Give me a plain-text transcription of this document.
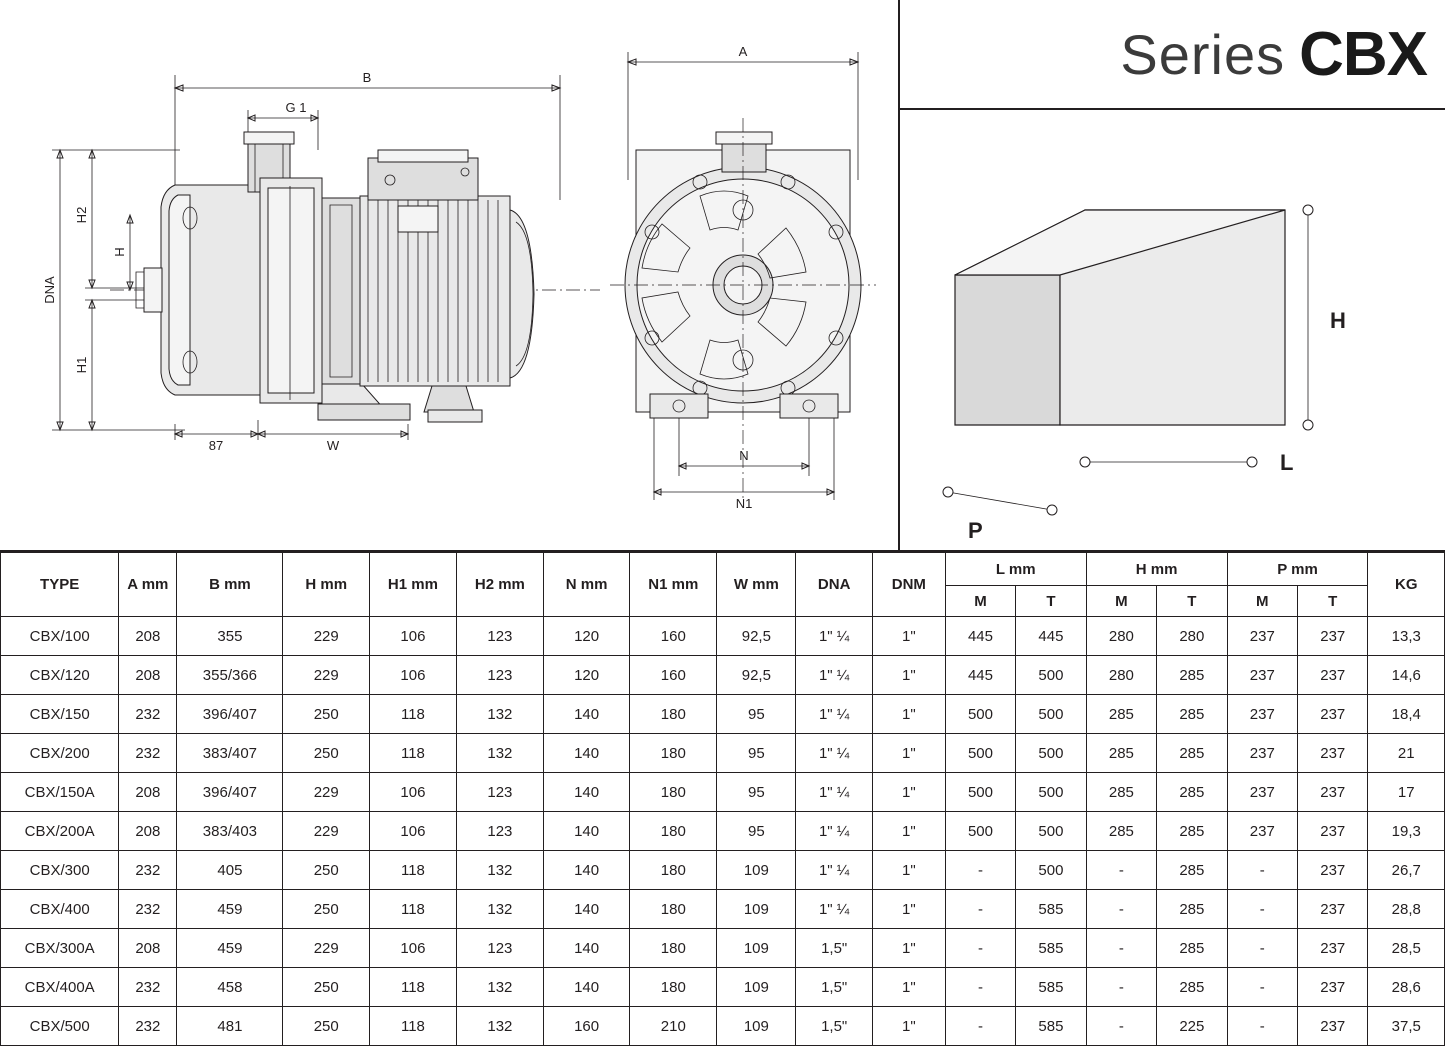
B
G 1
DNA
H2
H1
H
87	W
A
N
N1
Series CBX
H
L
P
TYPE	A mm	B mm	H mm	H1 mm	H2 mm	N mm	N1 mm	W mm	DNA	DNM	L mm		H mm		P mm		KG
											M	T	M	T	M	T	
CBX/100	208	355	229	106	123	120	160	92,5	1" ¼	1"	445	445	280	280	237	237	13,3
CBX/120	208	355/366	229	106	123	120	160	92,5	1" ¼	1"	445	500	280	285	237	237	14,6
CBX/150	232	396/407	250	118	132	140	180	95	1" ¼	1"	500	500	285	285	237	237	18,4
CBX/200	232	383/407	250	118	132	140	180	95	1" ¼	1"	500	500	285	285	237	237	21
CBX/150A	208	396/407	229	106	123	140	180	95	1" ¼	1"	500	500	285	285	237	237	17
CBX/200A	208	383/403	229	106	123	140	180	95	1" ¼	1"	500	500	285	285	237	237	19,3
CBX/300	232	405	250	118	132	140	180	109	1" ¼	1"	-	500	-	285	-	237	26,7
CBX/400	232	459	250	118	132	140	180	109	1" ¼	1"	-	585	-	285	-	237	28,8
CBX/300A	208	459	229	106	123	140	180	109	1,5"	1"	-	585	-	285	-	237	28,5
CBX/400A	232	458	250	118	132	140	180	109	1,5"	1"	-	585	-	285	-	237	28,6
CBX/500	232	481	250	118	132	160	210	109	1,5"	1"	-	585	-	225	-	237	37,5
